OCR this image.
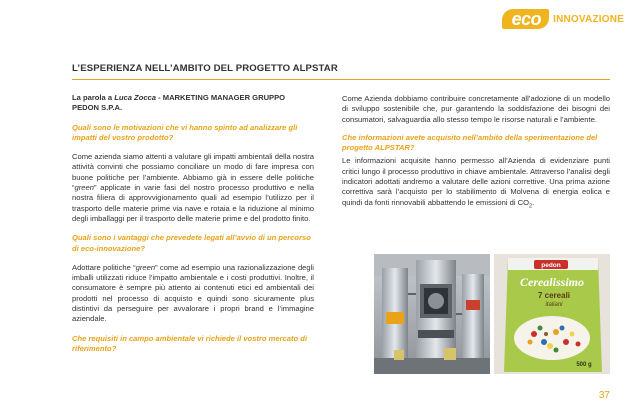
eco	INNOVAZIONE
L’ESPERIENZA NELL’AMBITO DEL PROGETTO ALPSTAR

La parola a Luca Zocca - MARKETING MANAGER GRUPPO PEDON S.P.A.

Quali sono le motivazioni che vi hanno spinto ad analizzare gli impatti del vostro prodotto?

Come azienda siamo attenti a valutare gli impatti ambientali della nostra attività convinti che possiamo conciliare un modo di fare impresa con buone politiche per l’ambiente. Abbiamo già in essere delle politiche “green” applicate in varie fasi del nostro processo produttivo e nella nostra filiera di approvvigionamento quali ad esempio l’utilizzo per il trasporto delle materie prime via nave e rotaia e la riduzione al minimo degli imballaggi per il trasporto delle materie prime e del prodotto finito.

Quali sono i vantaggi che prevedete legati all’avvio di un percorso di eco-innovazione?

Adottare politiche “green” come ad esempio una razionalizzazione degli imballi utilizzati riduce l’impatto ambientale e i costi produttivi. Inoltre, il consumatore è sempre più attento ai contenuti etici ed ambientali dei prodotti nel processo di acquisto e quindi sono sicuramente plus distintivi da perseguire per avvalorare i propri brand e l’immagine aziendale.

Che requisiti in campo ambientale vi richiede il vostro mercato di riferimento?

Come Azienda dobbiamo contribuire concretamente all’adozione di un modello di sviluppo sostenibile che, pur garantendo la soddisfazione dei bisogni dei consumatori, salvaguardia allo stesso tempo le risorse naturali e l’ambiente.

Che informazioni avete acquisito nell’ambito della sperimentazione del progetto ALPSTAR?

Le informazioni acquisite hanno permesso all’Azienda di evidenziare punti critici lungo il processo produttivo in chiave ambientale. Attraverso l’analisi degli indicatori adottati andremo a valutare delle azioni correttive. Una prima azione correttiva sarà l’acquisto per lo stabilimento di Molvena di energia eolica e quindi da fonti rinnovabili abbattendo le emissioni di $CO_2$.

pedon
Cerealissimo
7 cereali
italiani
500 g
37
